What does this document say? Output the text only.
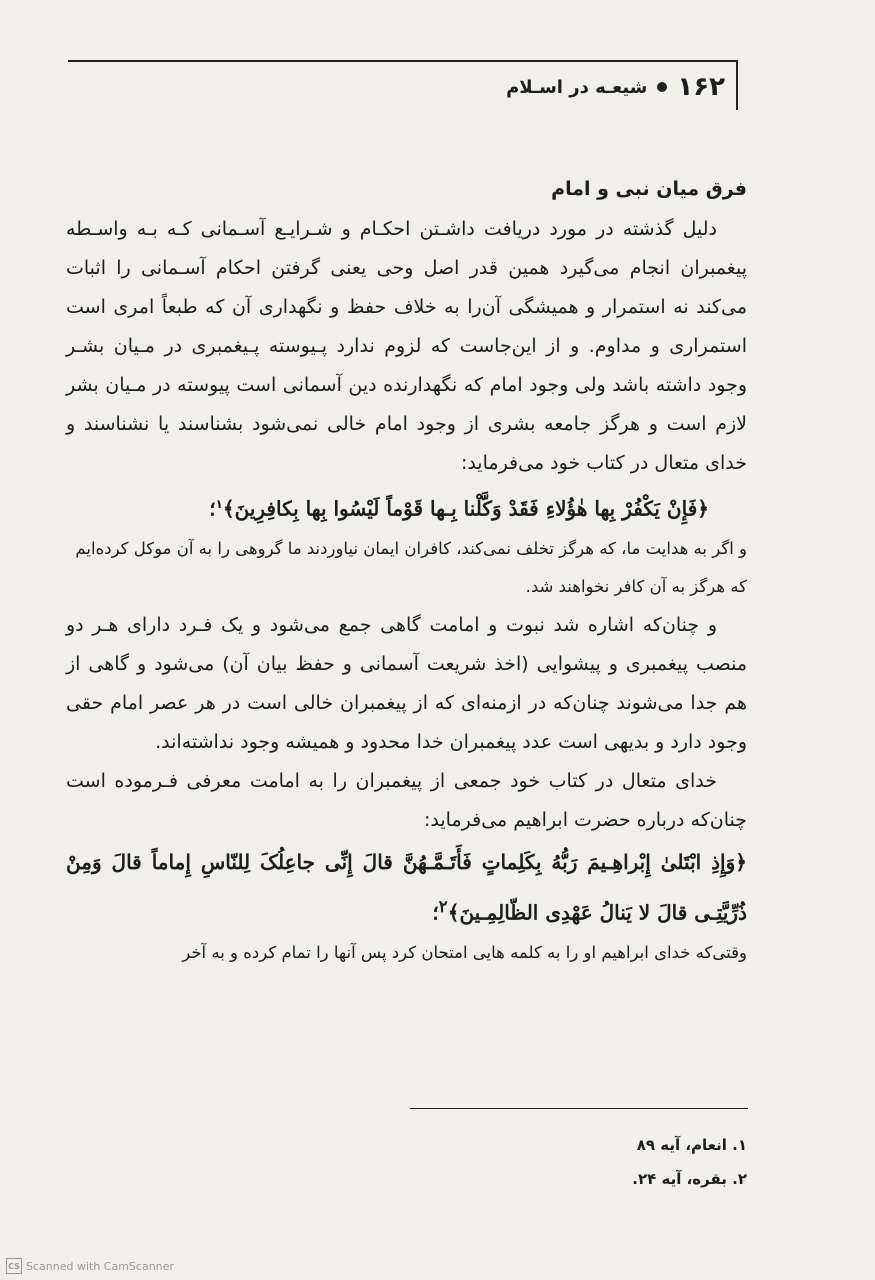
۱۶۲
شیعـه در اسـلام

فرق میان نبی و امام

دلیل گذشته در مورد دریافت داشـتن احکـام و شـرایـع آسـمانی کـه بـه واسـطه پیغمبران انجام می‌گیرد همین قدر اصل وحی یعنی گرفتن احکام آسـمانی را اثبات می‌کند نه استمرار و همیشگی آن‌را به خلاف حفظ و نگهداری آن که طبعاً امری است استمراری و مداوم. و از این‌جاست که لزوم ندارد پـیوسته پـیغمبری در مـیان بشـر وجود داشته باشد ولی وجود امام که نگهدارنده دین آسمانی است پیوسته در مـیان بشر لازم است و هرگز جامعه بشری از وجود امام خالی نمی‌شود بشناسند یا نشناسند و خدای متعال در کتاب خود می‌فرماید:

﴿فَإِنْ یَکْفُرْ بِها هٰؤُلاءِ فَقَدْ وَکَّلْنا بِـها قَوْماً لَیْسُوا بِها بِکافِرِینَ﴾$^۱$؛

و اگر به هدایت ما، که هرگز تخلف نمی‌کند، کافران ایمان نیاوردند ما گروهی را به آن موکل کرده‌ایم که هرگز به آن کافر نخواهند شد.

و چنان‌که اشاره شد نبوت و امامت گاهی جمع می‌شود و یک فـرد دارای هـر دو منصب پیغمبری و پیشوایی (اخذ شریعت آسمانی و حفظ بیان آن) می‌شود و گاهی از هم جدا می‌شوند چنان‌که در ازمنه‌ای که از پیغمبران خالی است در هر عصر امام حقی وجود دارد و بدیهی است عدد پیغمبران خدا محدود و همیشه وجود نداشته‌اند.

خدای متعال در کتاب خود جمعی از پیغمبران را به امامت معرفی فـرموده است چنان‌که درباره حضرت ابراهیم می‌فرماید:

﴿وَإِذِ ابْتَلیٰ إِبْراهِـیمَ رَبُّهُ بِکَلِماتٍ فَأَتَـمَّـهُنَّ قالَ إِنِّی جاعِلُکَ لِلنّاسِ إِماماً قالَ وَمِنْ ذُرِّیَّتِـی قالَ لا یَنالُ عَهْدِی الظّالِمِـینَ﴾$^۲$؛

وقتی‌که خدای ابراهیم او را به کلمه هایی امتحان کرد پس آنها را تمام کرده و به آخر

۱. انعام، آیه ۸۹

۲. بقره، آیه ۲۴.

CS Scanned with CamScanner
